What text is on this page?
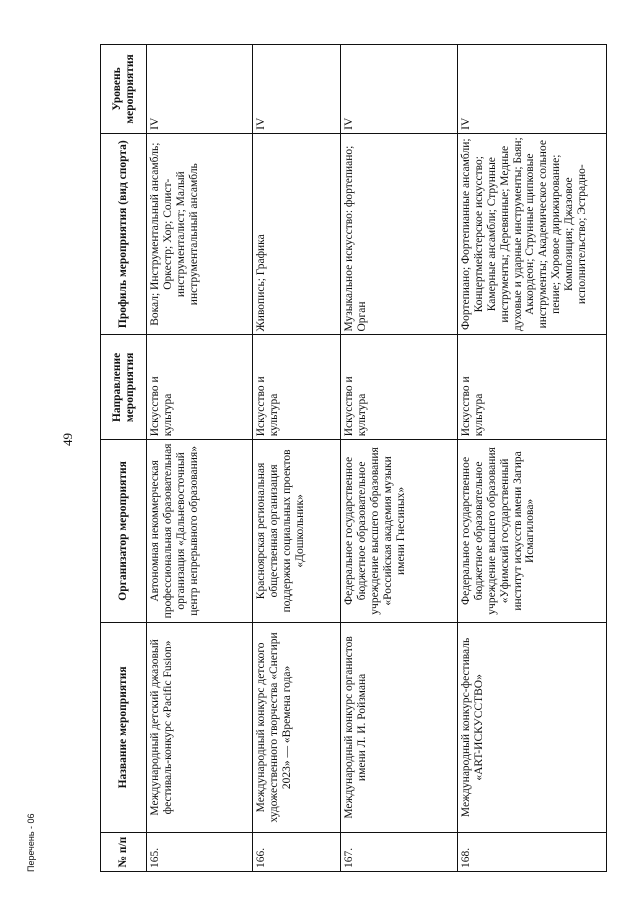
49
№ п/п	Название мероприятия	Организатор мероприятия	Направление мероприятия	Профиль мероприятия (вид спорта)	Уровень мероприятия
165.	Международный детский джазовый фестиваль-конкурс «Pacific Fusion»	Автономная некоммерческая профессиональная образовательная организация «Дальневосточный центр непрерывного образования»	Искусство и культура	Вокал; Инструментальный ансамбль; Оркестр; Хор; Солист-инструменталист; Малый инструментальный ансамбль	IV
166.	Международный конкурс детского художественного творчества «Снегири 2023» — «Времена года»	Красноярская региональная общественная организация поддержки социальных проектов «Дошкольник»	Искусство и культура	Живопись; Графика	IV
167.	Международный конкурс органистов имени Л. И. Ройзмана	Федеральное государственное бюджетное образовательное учреждение высшего образования «Российская академия музыки имени Гнесиных»	Искусство и культура	Музыкальное искусство: фортепиано; Орган	IV
168.	Международный конкурс-фестиваль «ART-ИСКУССТВО»	Федеральное государственное бюджетное образовательное учреждение высшего образования «Уфимский государственный институт искусств имени Загира Исмагилова»	Искусство и культура	Фортепиано; Фортепианные ансамбли; Концертмейстерское искусство; Камерные ансамбли; Струнные инструменты; Деревянные; Медные духовые и ударные инструменты; Баян; Аккордеон; Струнные щипковые инструменты; Академическое сольное пение; Хоровое дирижирование; Композиция; Джазовое исполнительство; Эстрадно-	IV
Перечень - 06
